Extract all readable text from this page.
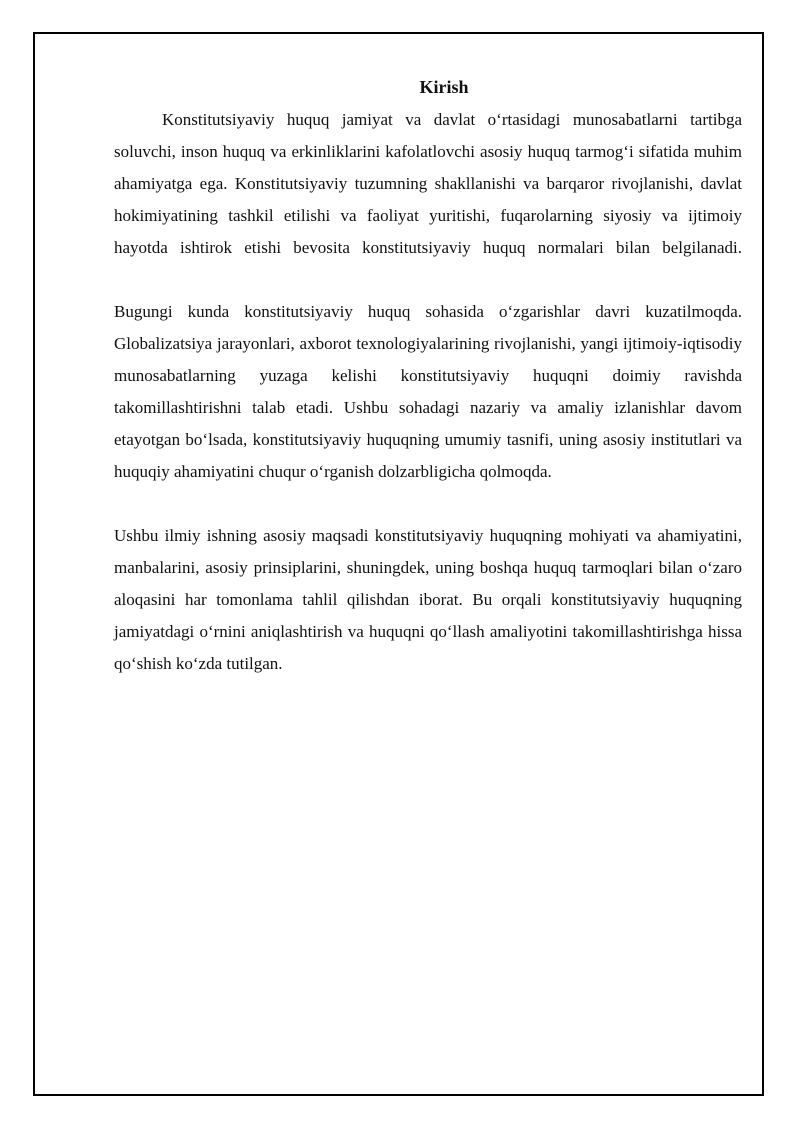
Kirish

Konstitutsiyaviy huquq jamiyat va davlat o‘rtasidagi munosabatlarni tartibga soluvchi, inson huquq va erkinliklarini kafolatlovchi asosiy huquq tarmog‘i sifatida muhim ahamiyatga ega. Konstitutsiyaviy tuzumning shakllanishi va barqaror rivojlanishi, davlat hokimiyatining tashkil etilishi va faoliyat yuritishi, fuqarolarning siyosiy va ijtimoiy hayotda ishtirok etishi bevosita konstitutsiyaviy huquq normalari bilan belgilanadi.

Bugungi kunda konstitutsiyaviy huquq sohasida o‘zgarishlar davri kuzatilmoqda. Globalizatsiya jarayonlari, axborot texnologiyalarining rivojlanishi, yangi ijtimoiy-iqtisodiy munosabatlarning yuzaga kelishi konstitutsiyaviy huquqni doimiy ravishda takomillashtirishni talab etadi. Ushbu sohadagi nazariy va amaliy izlanishlar davom etayotgan bo‘lsada, konstitutsiyaviy huquqning umumiy tasnifi, uning asosiy institutlari va huquqiy ahamiyatini chuqur o‘rganish dolzarbligicha qolmoqda.

Ushbu ilmiy ishning asosiy maqsadi konstitutsiyaviy huquqning mohiyati va ahamiyatini, manbalarini, asosiy prinsiplarini, shuningdek, uning boshqa huquq tarmoqlari bilan o‘zaro aloqasini har tomonlama tahlil qilishdan iborat. Bu orqali konstitutsiyaviy huquqning jamiyatdagi o‘rnini aniqlashtirish va huquqni qo‘llash amaliyotini takomillashtirishga hissa qo‘shish ko‘zda tutilgan.
